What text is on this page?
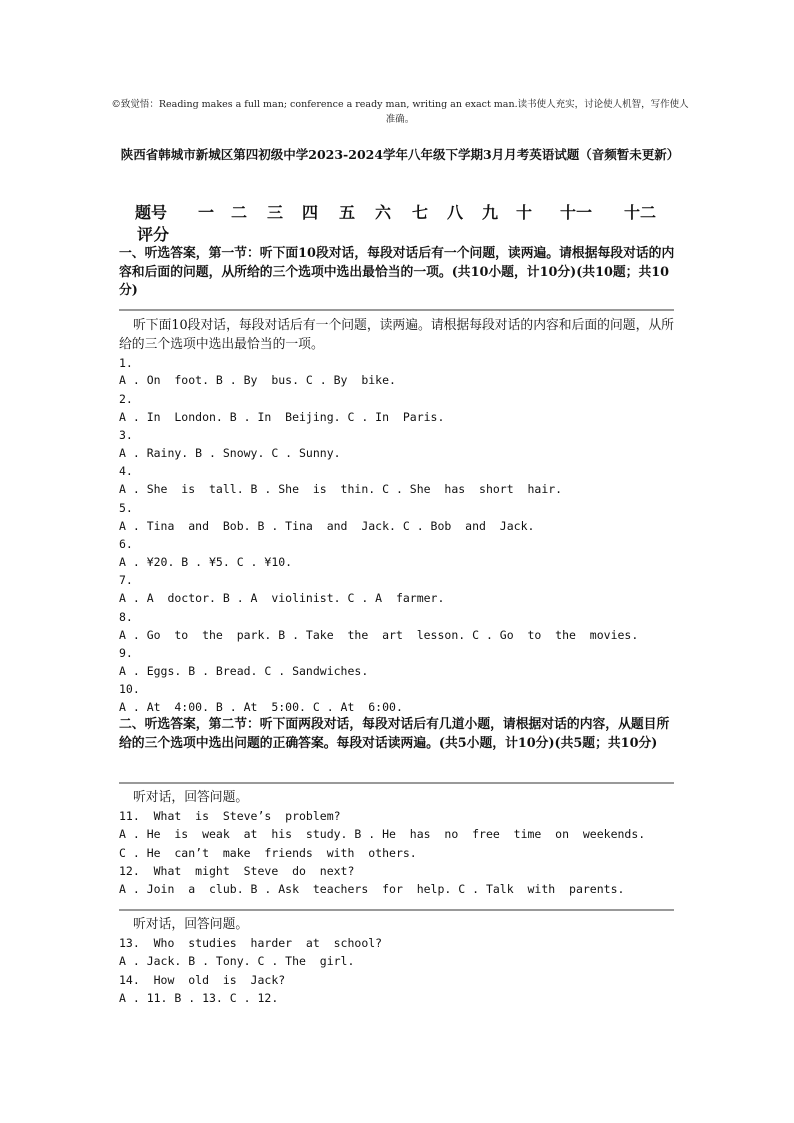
©致觉悟：Reading makes a full man; conference a ready man, writing an exact man.读书使人充实，讨论使人机智，写作使人准确。
陕西省韩城市新城区第四初级中学2023-2024学年八年级下学期3月月考英语试题（音频暂未更新）
题号 一 二 三 四 五 六 七 八 九 十 十一 十二
评分
一、听选答案，第一节：听下面10段对话，每段对话后有一个问题，读两遍。请根据每段对话的内容和后面的问题，从所给的三个选项中选出最恰当的一项。(共10小题，计10分)(共10题；共10分)
听下面10段对话，每段对话后有一个问题，读两遍。请根据每段对话的内容和后面的问题，从所给的三个选项中选出最恰当的一项。
1.
A . On  foot. B . By  bus. C . By  bike.
2.
A . In  London. B . In  Beijing. C . In  Paris.
3.
A . Rainy. B . Snowy. C . Sunny.
4.
A . She  is  tall. B . She  is  thin. C . She  has  short  hair.
5.
A . Tina  and  Bob. B . Tina  and  Jack. C . Bob  and  Jack.
6.
A . ¥20. B . ¥5. C . ¥10.
7.
A . A  doctor. B . A  violinist. C . A  farmer.
8.
A . Go  to  the  park. B . Take  the  art  lesson. C . Go  to  the  movies.
9.
A . Eggs. B . Bread. C . Sandwiches.
10.
A . At  4:00. B . At  5:00. C . At  6:00.
二、听选答案，第二节：听下面两段对话，每段对话后有几道小题，请根据对话的内容，从题目所给的三个选项中选出问题的正确答案。每段对话读两遍。(共5小题，计10分)(共5题；共10分)
听对话，回答问题。
11.  What  is  Steve’s  problem?
A . He  is  weak  at  his  study. B . He  has  no  free  time  on  weekends.
C . He  can’t  make  friends  with  others.
12.  What  might  Steve  do  next?
A . Join  a  club. B . Ask  teachers  for  help. C . Talk  with  parents.
听对话，回答问题。
13.  Who  studies  harder  at  school?
A . Jack. B . Tony. C . The  girl.
14.  How  old  is  Jack?
A . 11. B . 13. C . 12.
